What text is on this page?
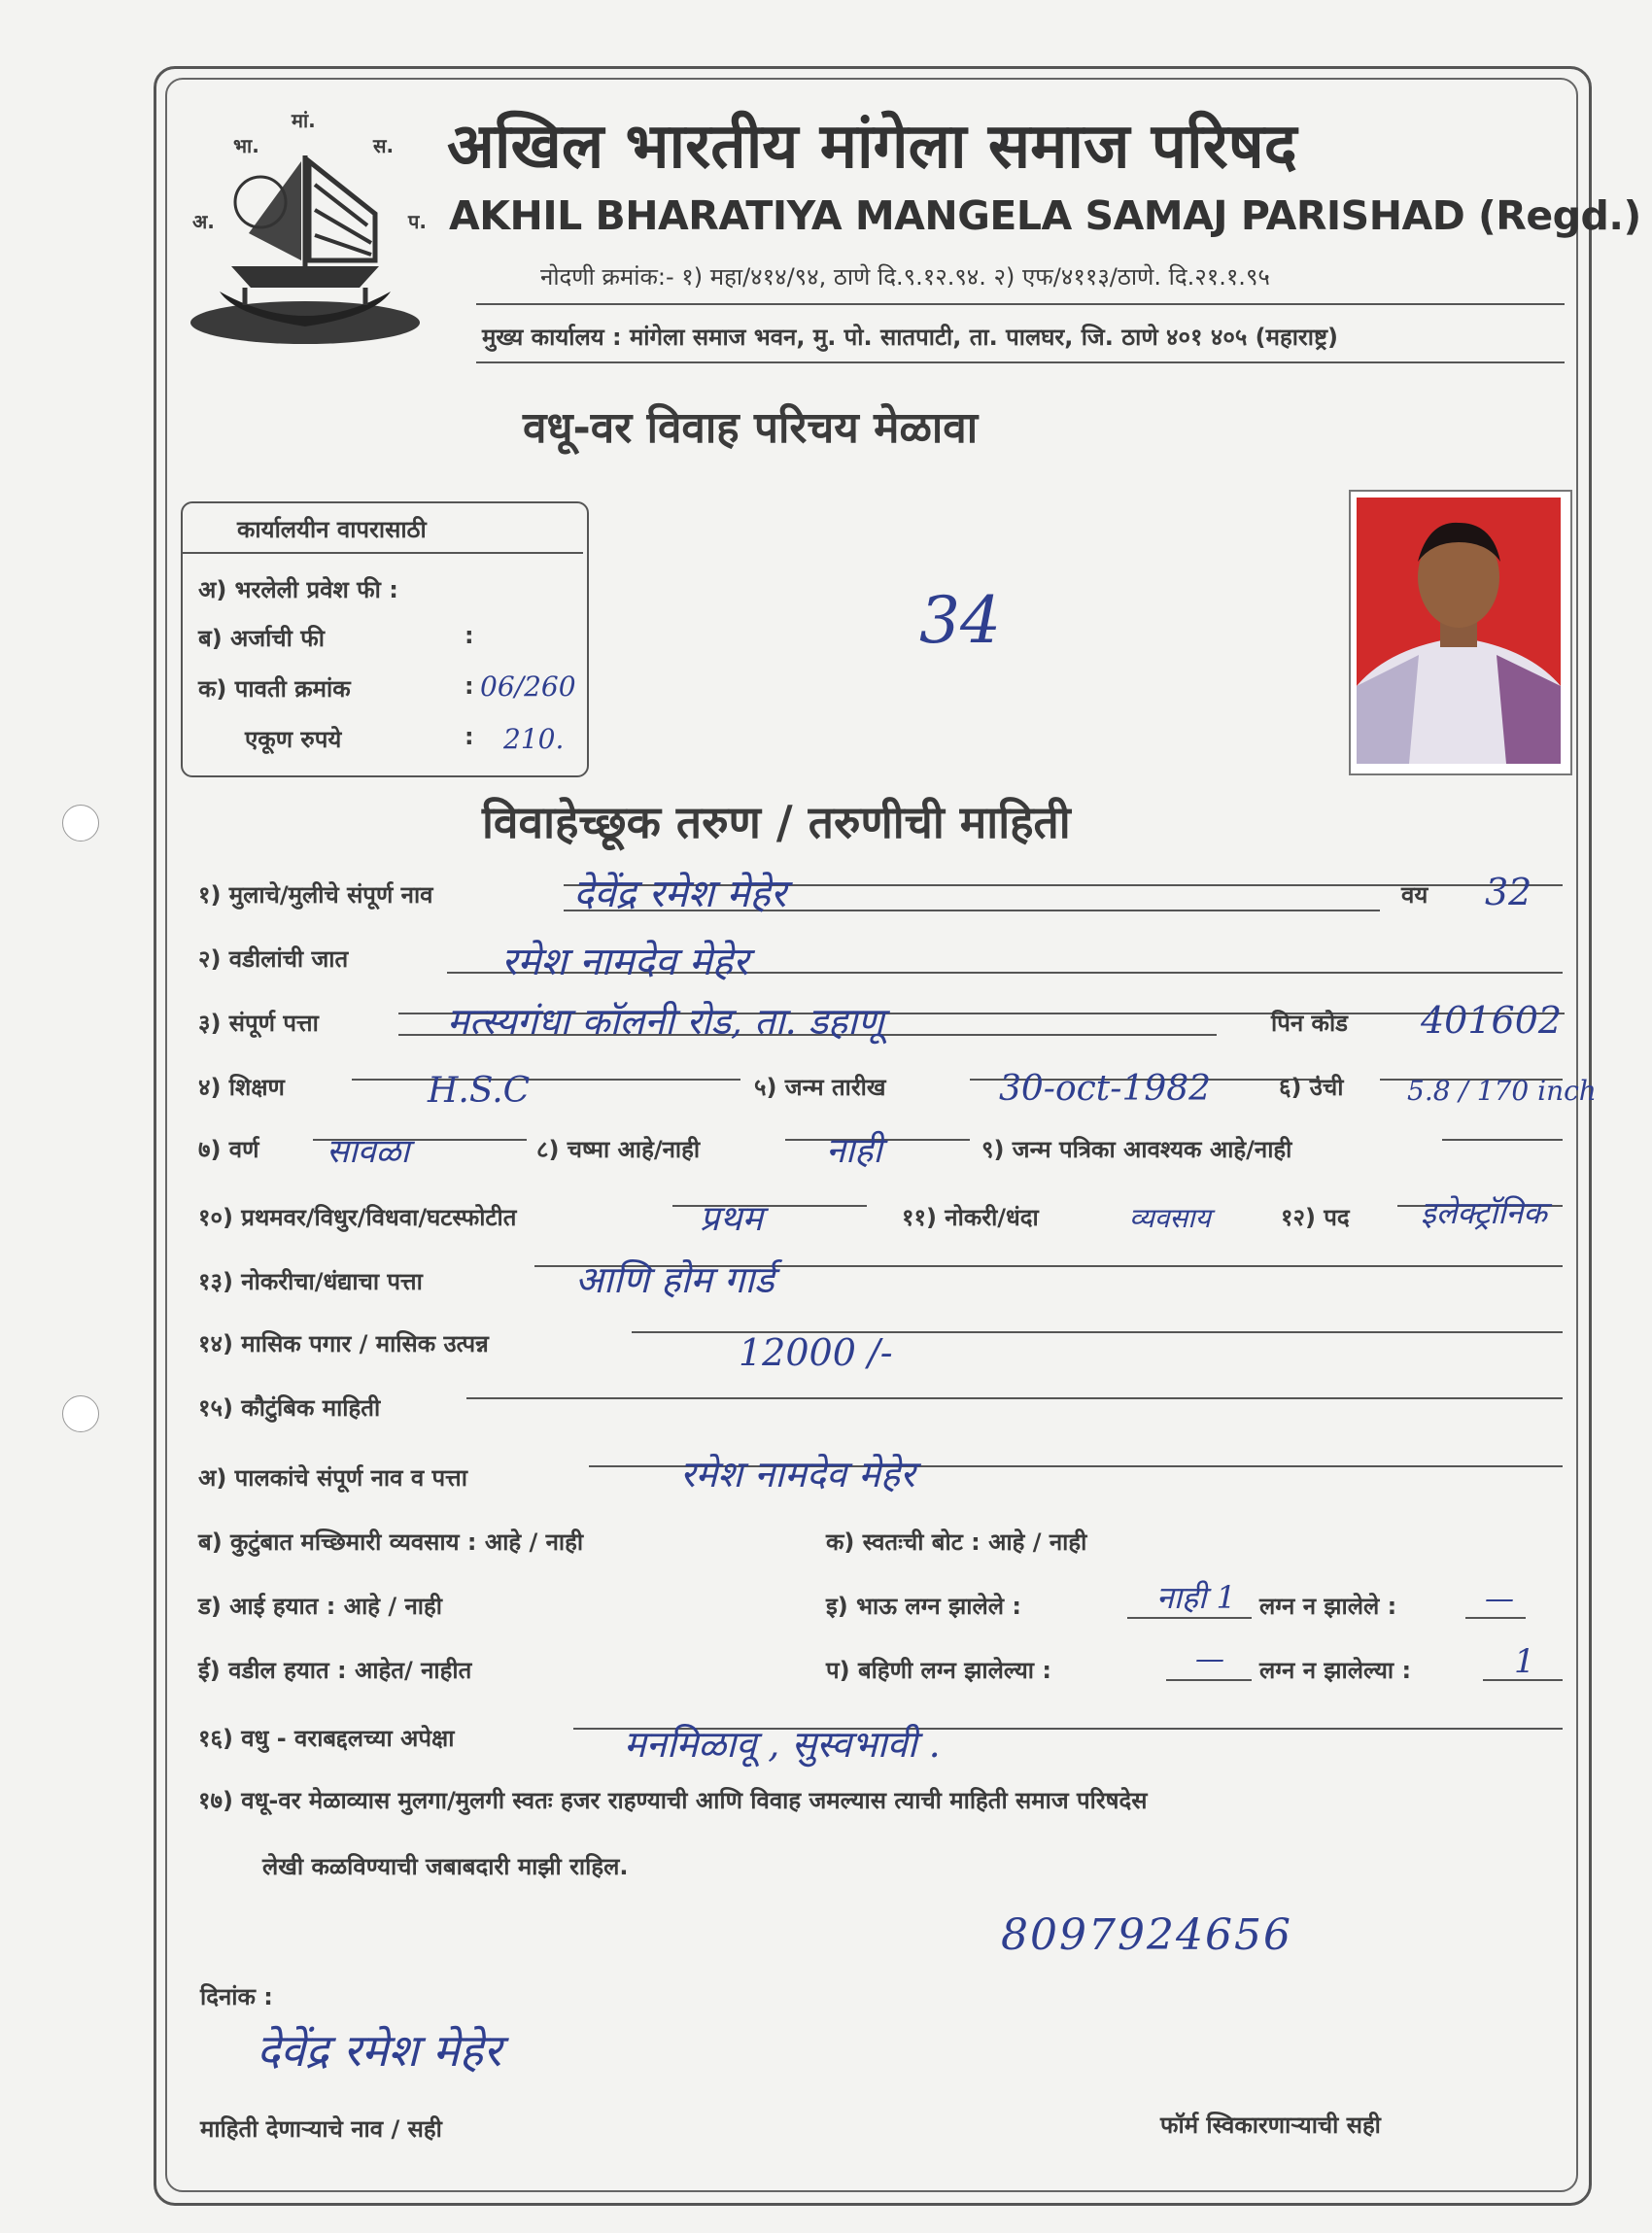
अ.
भा.
मां.
स.
प.
अखिल भारतीय मांगेला समाज परिषद
AKHIL BHARATIYA MANGELA SAMAJ PARISHAD (Regd.)
नोदणी क्रमांक:- १) महा/४१४/९४, ठाणे दि.९.१२.९४. २) एफ/४११३/ठाणे. दि.२१.१.९५
मुख्य कार्यालय : मांगेला समाज भवन, मु. पो. सातपाटी, ता. पालघर, जि. ठाणे ४०१ ४०५ (महाराष्ट्र)
वधू-वर विवाह परिचय मेळावा
कार्यालयीन वापरासाठी
अ) भरलेली प्रवेश फी :
ब) अर्जाची फी	:
क) पावती क्रमांक	: 06/260
एकूण रुपये	: 210.
34
विवाहेच्छूक तरुण / तरुणीची माहिती
१) मुलाचे/मुलीचे संपूर्ण नाव	देवेंद्र रमेश मेहेर	वय 32
२) वडीलांची जात	रमेश नामदेव मेहेर
३) संपूर्ण पत्ता	मत्स्यगंधा कॉलनी रोड, ता. डहाणू	पिन कोड 401602
४) शिक्षण	H.S.C	५) जन्म तारीख	30-oct-1982	६) उंची 5.8 / 170 inch
७) वर्ण सावळा	८) चष्मा आहे/नाही	नाही	९) जन्म पत्रिका आवश्यक आहे/नाही
१०) प्रथमवर/विधुर/विधवा/घटस्फोटीत	प्रथम	११) नोकरी/धंदा	व्यवसाय	१२) पद इलेक्ट्रॉनिक
१३) नोकरीचा/धंद्याचा पत्ता	आणि होम गार्ड
१४) मासिक पगार / मासिक उत्पन्न	12000 /-
१५) कौटुंबिक माहिती
अ) पालकांचे संपूर्ण नाव व पत्ता	रमेश नामदेव मेहेर
ब) कुटुंबात मच्छिमारी व्यवसाय : आहे / नाही	क) स्वतःची बोट : आहे / नाही
ड) आई हयात : आहे / नाही	इ) भाऊ लग्न झालेले :	नाही 1 लग्न न झालेले :	—
ई) वडील हयात : आहेत/ नाहीत	प) बहिणी लग्न झालेल्या :	— लग्न न झालेल्या :	1
१६) वधु - वराबद्दलच्या अपेक्षा	मनमिळावू , सुस्वभावी .
१७) वधू-वर मेळाव्यास मुलगा/मुलगी स्वतः हजर राहण्याची आणि विवाह जमल्यास त्याची माहिती समाज परिषदेस
लेखी कळविण्याची जबाबदारी माझी राहिल.
8097924656
दिनांक :
देवेंद्र रमेश मेहेर
माहिती देणाऱ्याचे नाव / सही	फॉर्म स्विकारणाऱ्याची सही
